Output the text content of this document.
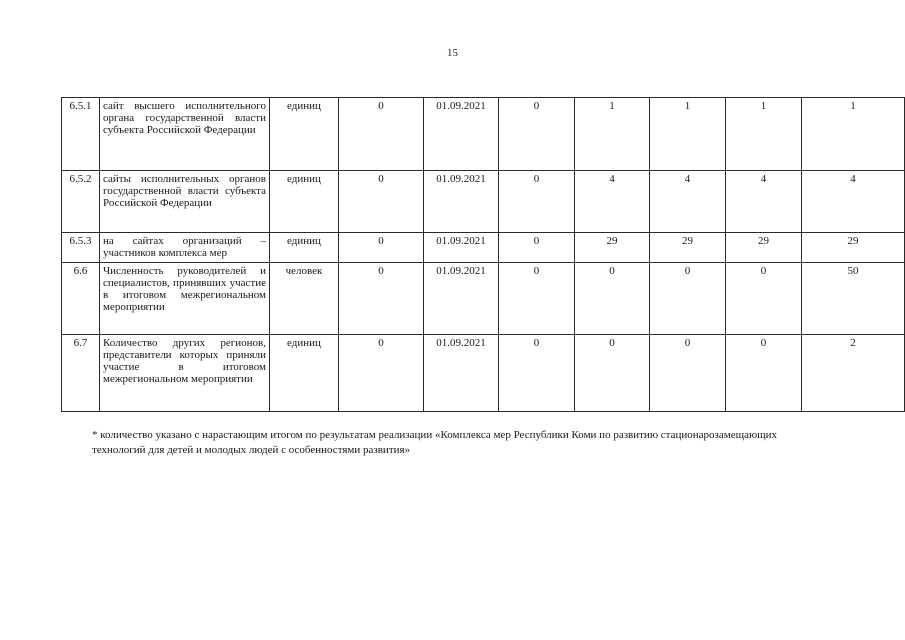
15
6.5.1	сайт высшего исполнительного органа государственной власти субъекта Российской Федерации	единиц	0	01.09.2021	0	1	1	1	1
6.5.2	сайты исполнительных органов государственной власти субъекта Российской Федерации	единиц	0	01.09.2021	0	4	4	4	4
6.5.3	на сайтах организаций – участников комплекса мер	единиц	0	01.09.2021	0	29	29	29	29
6.6	Численность руководителей и специалистов, принявших участие в итоговом межрегиональном мероприятии	человек	0	01.09.2021	0	0	0	0	50
6.7	Количество других регионов, представители которых приняли участие в итоговом межрегиональном мероприятии	единиц	0	01.09.2021	0	0	0	0	2
* количество указано с нарастающим итогом по результатам реализации «Комплекса мер Республики Коми по развитию стационарозамещающих технологий для детей и молодых людей с особенностями развития»
